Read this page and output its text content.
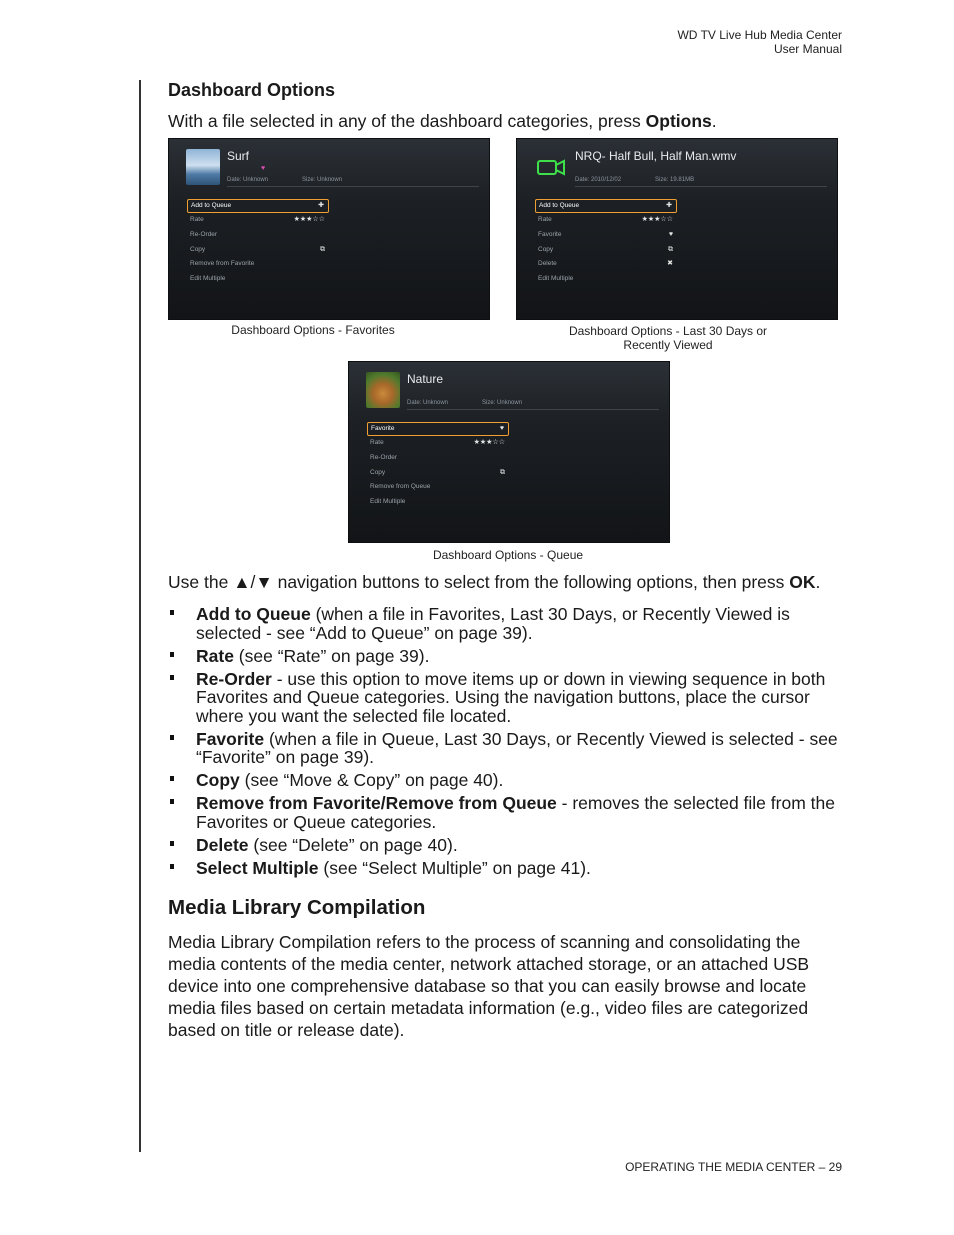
WD TV Live Hub Media Center
User Manual
Dashboard Options

With a file selected in any of the dashboard categories, press Options.

Surf
♥
Date: Unknown	Size: Unknown
Add to Queue	✚
Rate	★★★☆☆
Re-Order
Copy	⧉
Remove from Favorite
Edit Multiple
Dashboard Options - Favorites
NRQ- Half Bull, Half Man.wmv
Date: 2010/12/02	Size: 19.81MB
Add to Queue	✚
Rate	★★★☆☆
Favorite	♥
Copy	⧉
Delete	✖
Edit Multiple
Dashboard Options - Last 30 Days or
Recently Viewed
Nature
Date: Unknown	Size: Unknown
Favorite	♥
Rate	★★★☆☆
Re-Order
Copy	⧉
Remove from Queue
Edit Multiple
Dashboard Options - Queue

Use the ▲/▼ navigation buttons to select from the following options, then press OK.

Add to Queue (when a file in Favorites, Last 30 Days, or Recently Viewed is selected - see “Add to Queue” on page 39).
Rate (see “Rate” on page 39).
Re-Order - use this option to move items up or down in viewing sequence in both Favorites and Queue categories. Using the navigation buttons, place the cursor where you want the selected file located.
Favorite (when a file in Queue, Last 30 Days, or Recently Viewed is selected - see “Favorite” on page 39).
Copy (see “Move & Copy” on page 40).
Remove from Favorite/Remove from Queue - removes the selected file from the Favorites or Queue categories.
Delete (see “Delete” on page 40).
Select Multiple (see “Select Multiple” on page 41).
Media Library Compilation

Media Library Compilation refers to the process of scanning and consolidating the media contents of the media center, network attached storage, or an attached USB device into one comprehensive database so that you can easily browse and locate media files based on certain metadata information (e.g., video files are categorized based on title or release date).

OPERATING THE MEDIA CENTER – 29
